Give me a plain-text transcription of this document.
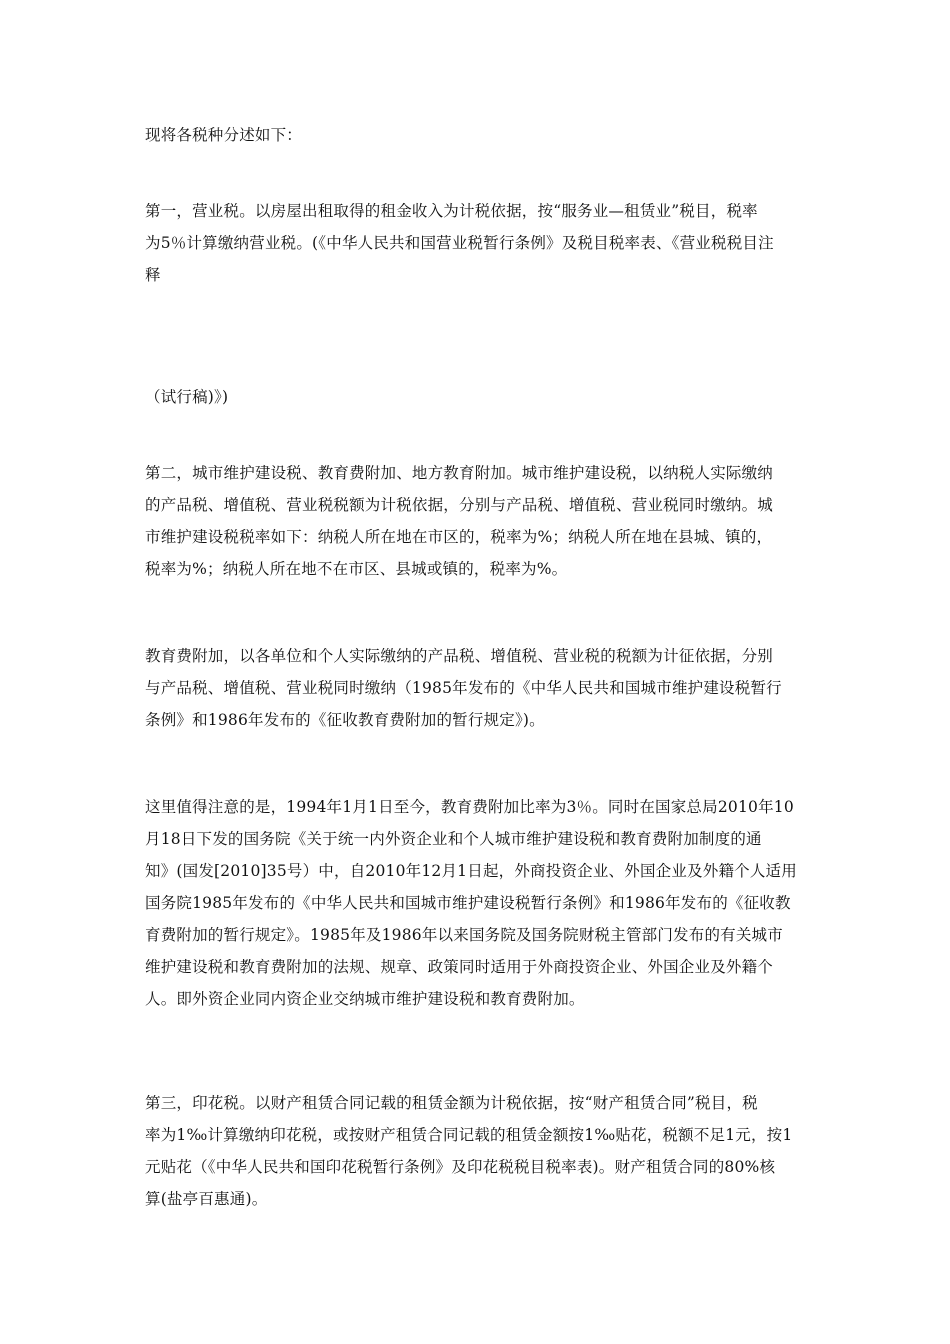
现将各税种分述如下：
第一，营业税。以房屋出租取得的租金收入为计税依据，按“服务业—租赁业”税目，税率
为5％计算缴纳营业税。(《中华人民共和国营业税暂行条例》及税目税率表、《营业税税目注
释
（试行稿)》)
第二，城市维护建设税、教育费附加、地方教育附加。城市维护建设税，以纳税人实际缴纳
的产品税、增值税、营业税税额为计税依据，分别与产品税、增值税、营业税同时缴纳。城
市维护建设税税率如下：纳税人所在地在市区的，税率为%；纳税人所在地在县城、镇的，
税率为%；纳税人所在地不在市区、县城或镇的，税率为%。
教育费附加，以各单位和个人实际缴纳的产品税、增值税、营业税的税额为计征依据，分别
与产品税、增值税、营业税同时缴纳（1985年发布的《中华人民共和国城市维护建设税暂行
条例》和1986年发布的《征收教育费附加的暂行规定》)。
这里值得注意的是，1994年1月1日至今，教育费附加比率为3％。同时在国家总局2010年10
月18日下发的国务院《关于统一内外资企业和个人城市维护建设税和教育费附加制度的通
知》(国发[2010]35号）中，自2010年12月1日起，外商投资企业、外国企业及外籍个人适用
国务院1985年发布的《中华人民共和国城市维护建设税暂行条例》和1986年发布的《征收教
育费附加的暂行规定》。1985年及1986年以来国务院及国务院财税主管部门发布的有关城市
维护建设税和教育费附加的法规、规章、政策同时适用于外商投资企业、外国企业及外籍个
人。即外资企业同内资企业交纳城市维护建设税和教育费附加。
第三，印花税。以财产租赁合同记载的租赁金额为计税依据，按“财产租赁合同”税目，税
率为1‰计算缴纳印花税，或按财产租赁合同记载的租赁金额按1‰贴花，税额不足1元，按1
元贴花（《中华人民共和国印花税暂行条例》及印花税税目税率表)。财产租赁合同的80%核
算(盐亭百惠通)。
